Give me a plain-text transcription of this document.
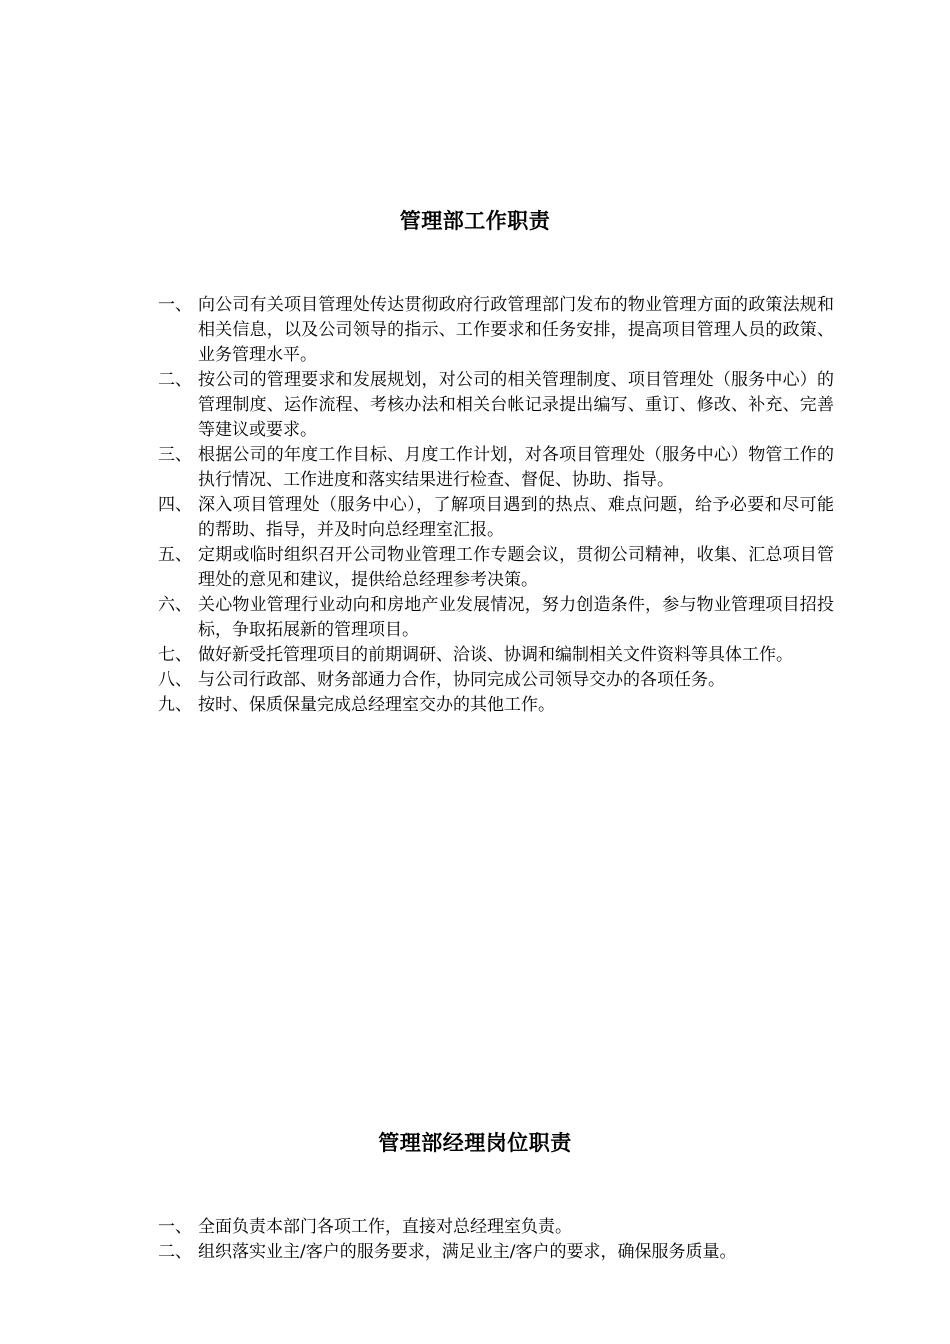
管理部工作职责
一、 向公司有关项目管理处传达贯彻政府行政管理部门发布的物业管理方面的政策法规和相关信息，以及公司领导的指示、工作要求和任务安排，提高项目管理人员的政策、业务管理水平。
二、 按公司的管理要求和发展规划，对公司的相关管理制度、项目管理处（服务中心）的管理制度、运作流程、考核办法和相关台帐记录提出编写、重订、修改、补充、完善等建议或要求。
三、 根据公司的年度工作目标、月度工作计划，对各项目管理处（服务中心）物管工作的执行情况、工作进度和落实结果进行检查、督促、协助、指导。
四、 深入项目管理处（服务中心），了解项目遇到的热点、难点问题，给予必要和尽可能的帮助、指导，并及时向总经理室汇报。
五、 定期或临时组织召开公司物业管理工作专题会议，贯彻公司精神，收集、汇总项目管理处的意见和建议，提供给总经理参考决策。
六、 关心物业管理行业动向和房地产业发展情况，努力创造条件，参与物业管理项目招投标，争取拓展新的管理项目。
七、 做好新受托管理项目的前期调研、洽谈、协调和编制相关文件资料等具体工作。
八、 与公司行政部、财务部通力合作，协同完成公司领导交办的各项任务。
九、 按时、保质保量完成总经理室交办的其他工作。
管理部经理岗位职责
一、 全面负责本部门各项工作，直接对总经理室负责。
二、 组织落实业主/客户的服务要求，满足业主/客户的要求，确保服务质量。
